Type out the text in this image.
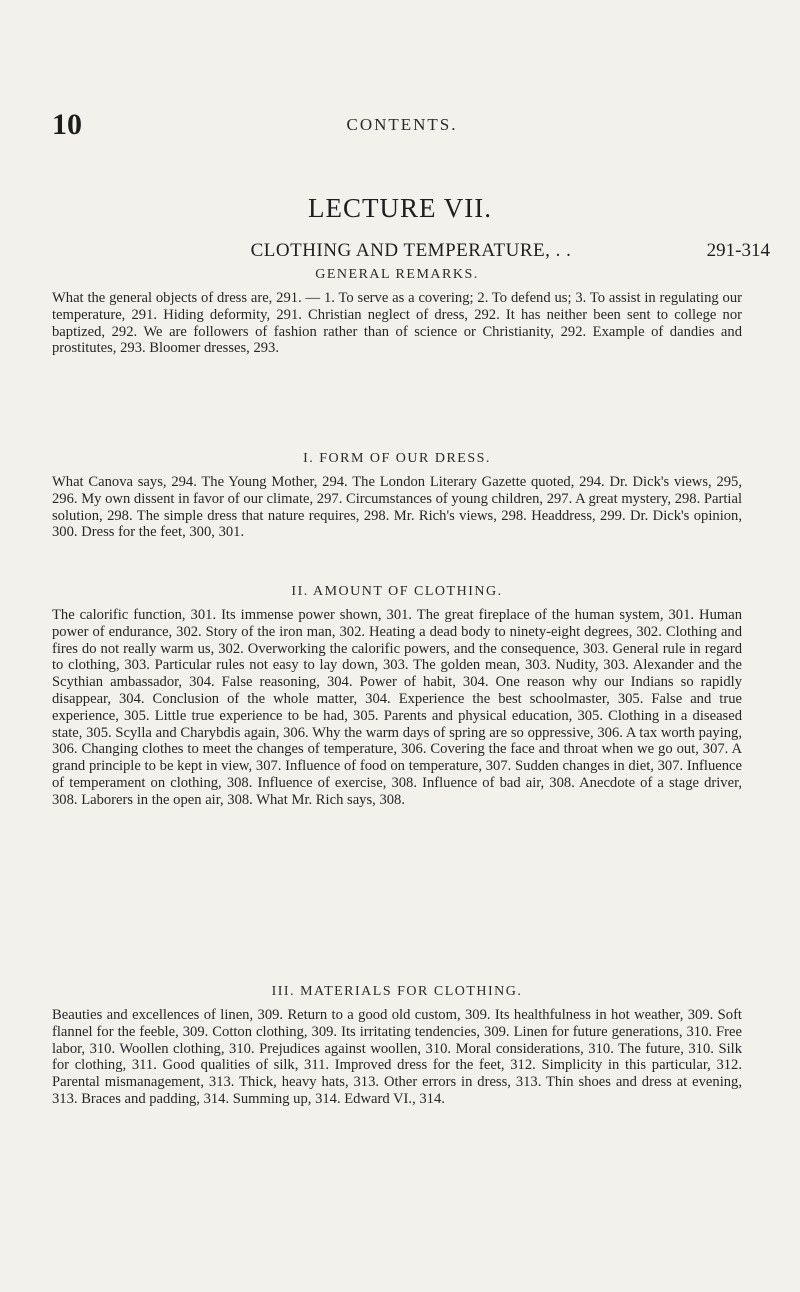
10	CONTENTS.
LECTURE VII.
CLOTHING AND TEMPERATURE, . .	291-314
GENERAL REMARKS.

What the general objects of dress are, 291. — 1. To serve as a covering; 2. To defend us; 3. To assist in regulating our temperature, 291. Hiding deformity, 291. Christian neglect of dress, 292. It has neither been sent to college nor baptized, 292. We are followers of fashion rather than of science or Christianity, 292. Example of dandies and prostitutes, 293. Bloomer dresses, 293.

I. FORM OF OUR DRESS.

What Canova says, 294. The Young Mother, 294. The London Literary Gazette quoted, 294. Dr. Dick's views, 295, 296. My own dissent in favor of our climate, 297. Circumstances of young children, 297. A great mystery, 298. Partial solution, 298. The simple dress that nature requires, 298. Mr. Rich's views, 298. Headdress, 299. Dr. Dick's opinion, 300. Dress for the feet, 300, 301.

II. AMOUNT OF CLOTHING.

The calorific function, 301. Its immense power shown, 301. The great fireplace of the human system, 301. Human power of endurance, 302. Story of the iron man, 302. Heating a dead body to ninety-eight degrees, 302. Clothing and fires do not really warm us, 302. Overworking the calorific powers, and the consequence, 303. General rule in regard to clothing, 303. Particular rules not easy to lay down, 303. The golden mean, 303. Nudity, 303. Alexander and the Scythian ambassador, 304. False reasoning, 304. Power of habit, 304. One reason why our Indians so rapidly disappear, 304. Conclusion of the whole matter, 304. Experience the best schoolmaster, 305. False and true experience, 305. Little true experience to be had, 305. Parents and physical education, 305. Clothing in a diseased state, 305. Scylla and Charybdis again, 306. Why the warm days of spring are so oppressive, 306. A tax worth paying, 306. Changing clothes to meet the changes of temperature, 306. Covering the face and throat when we go out, 307. A grand principle to be kept in view, 307. Influence of food on temperature, 307. Sudden changes in diet, 307. Influence of temperament on clothing, 308. Influence of exercise, 308. Influence of bad air, 308. Anecdote of a stage driver, 308. Laborers in the open air, 308. What Mr. Rich says, 308.

III. MATERIALS FOR CLOTHING.

Beauties and excellences of linen, 309. Return to a good old custom, 309. Its healthfulness in hot weather, 309. Soft flannel for the feeble, 309. Cotton clothing, 309. Its irritating tendencies, 309. Linen for future generations, 310. Free labor, 310. Woollen clothing, 310. Prejudices against woollen, 310. Moral considerations, 310. The future, 310. Silk for clothing, 311. Good qualities of silk, 311. Improved dress for the feet, 312. Simplicity in this particular, 312. Parental mismanagement, 313. Thick, heavy hats, 313. Other errors in dress, 313. Thin shoes and dress at evening, 313. Braces and padding, 314. Summing up, 314. Edward VI., 314.
